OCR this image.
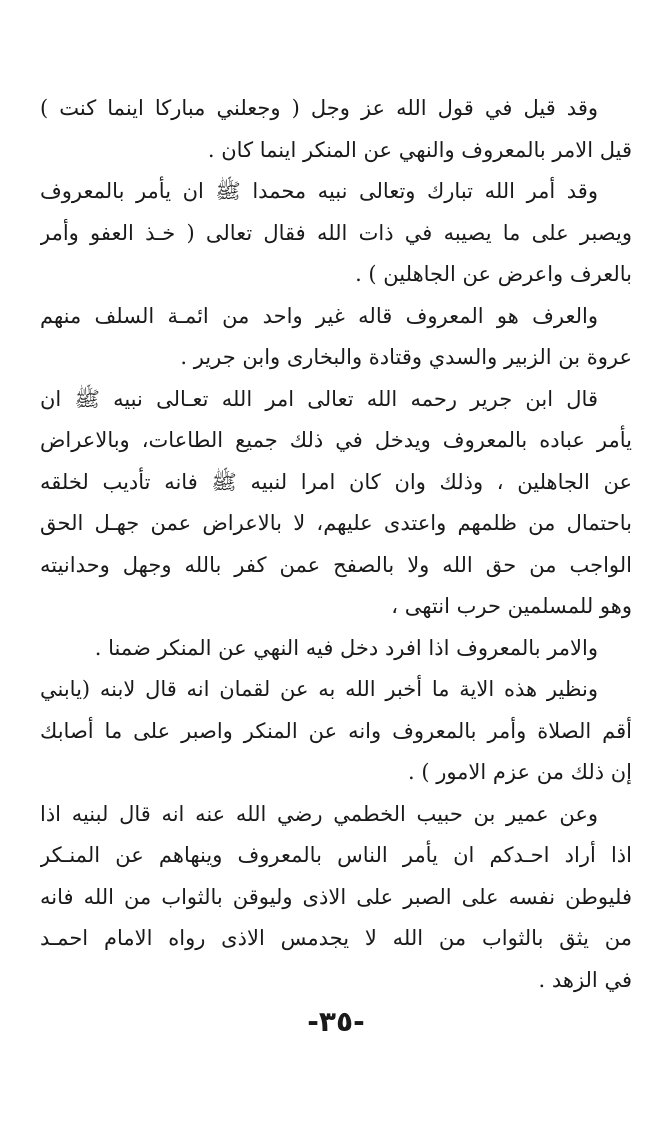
وقد قيل في قول الله عز وجل ( وجعلني مباركا اينما كنت )
قيل الامر بالمعروف والنهي عن المنكر اينما كان .
وقد أمر الله تبارك وتعالى نبيه محمدا ﷺ ان يأمر بالمعروف
ويصبر على ما يصيبه في ذات الله فقال تعالى ( خـذ العفو وأمر
بالعرف واعرض عن الجاهلين ) .
والعرف هو المعروف قاله غير واحد من ائمـة السلف منهم
عروة بن الزبير والسدي وقتادة والبخارى وابن جرير .
قال ابن جرير رحمه الله تعالى امر الله تعـالى نبيه ﷺ ان
يأمر عباده بالمعروف ويدخل في ذلك جميع الطاعات، وبالاعراض
عن الجاهلين ، وذلك وان كان امرا لنبيه ﷺ فانه تأديب لخلقه
باحتمال من ظلمهم واعتدى عليهم، لا بالاعراض عمن جهـل الحق
الواجب من حق الله ولا بالصفح عمن كفر بالله وجهل وحدانيته
وهو للمسلمين حرب انتهى ،
والامر بالمعروف اذا افرد دخل فيه النهي عن المنكر ضمنا .
ونظير هذه الاية ما أخبر الله به عن لقمان انه قال لابنه (يابني
أقم الصلاة وأمر بالمعروف وانه عن المنكر واصبر على ما أصابك
إن ذلك من عزم الامور ) .
وعن عمير بن حبيب الخطمي رضي الله عنه انه قال لبنيه اذا
اذا أراد احـدكم ان يأمر الناس بالمعروف وينهاهم عن المنـكر
فليوطن نفسه على الصبر على الاذى وليوقن بالثواب من الله فانه
من يثق بالثواب من الله لا يجدمس الاذى رواه الامام احمـد
في الزهد .
-٣٥-
